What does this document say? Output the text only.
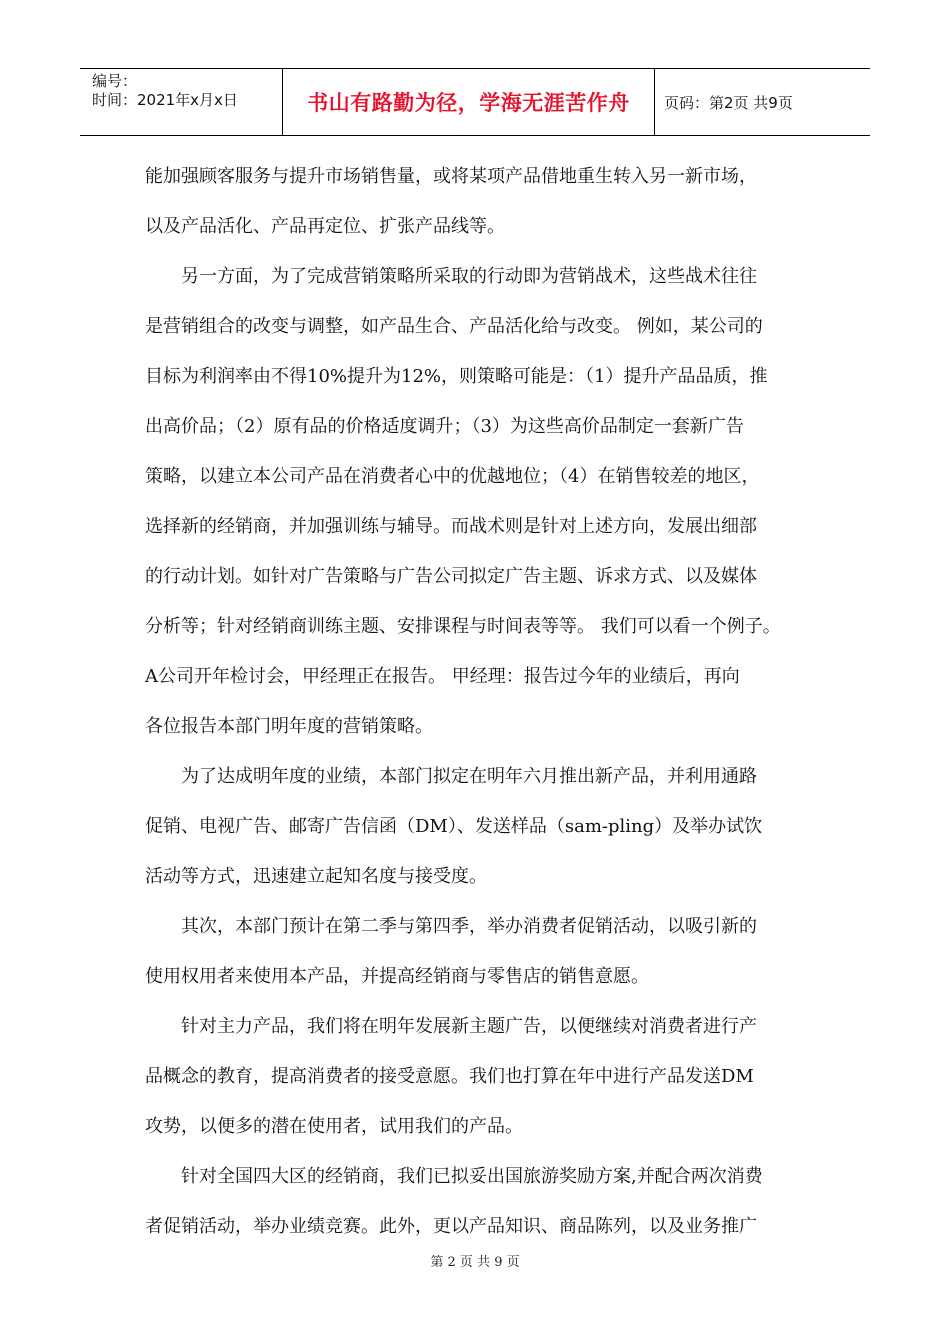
编号：
时间：2021年x月x日	书山有路勤为径，学海无涯苦作舟 页码：第2页 共9页

能加强顾客服务与提升市场销售量，或将某项产品借地重生转入另一新市场，

以及产品活化、产品再定位、扩张产品线等。

另一方面，为了完成营销策略所采取的行动即为营销战术，这些战术往往

是营销组合的改变与调整，如产品生合、产品活化给与改变。 例如，某公司的

目标为利润率由不得10%提升为12%，则策略可能是：（1）提升产品品质，推

出高价品；（2）原有品的价格适度调升；（3）为这些高价品制定一套新广告

策略，以建立本公司产品在消费者心中的优越地位；（4）在销售较差的地区，

选择新的经销商，并加强训练与辅导。而战术则是针对上述方向，发展出细部

的行动计划。如针对广告策略与广告公司拟定广告主题、诉求方式、以及媒体

分析等；针对经销商训练主题、安排课程与时间表等等。 我们可以看一个例子。

A公司开年检讨会，甲经理正在报告。 甲经理：报告过今年的业绩后，再向

各位报告本部门明年度的营销策略。

为了达成明年度的业绩，本部门拟定在明年六月推出新产品，并利用通路

促销、电视广告、邮寄广告信函（DM）、发送样品（sam-pling）及举办试饮

活动等方式，迅速建立起知名度与接受度。

其次，本部门预计在第二季与第四季，举办消费者促销活动，以吸引新的

使用权用者来使用本产品，并提高经销商与零售店的销售意愿。

针对主力产品，我们将在明年发展新主题广告，以便继续对消费者进行产

品概念的教育，提高消费者的接受意愿。我们也打算在年中进行产品发送DM

攻势，以便多的潜在使用者，试用我们的产品。

针对全国四大区的经销商，我们已拟妥出国旅游奖励方案,并配合两次消费

者促销活动，举办业绩竞赛。此外，更以产品知识、商品陈列，以及业务推广

第 2 页 共 9 页
